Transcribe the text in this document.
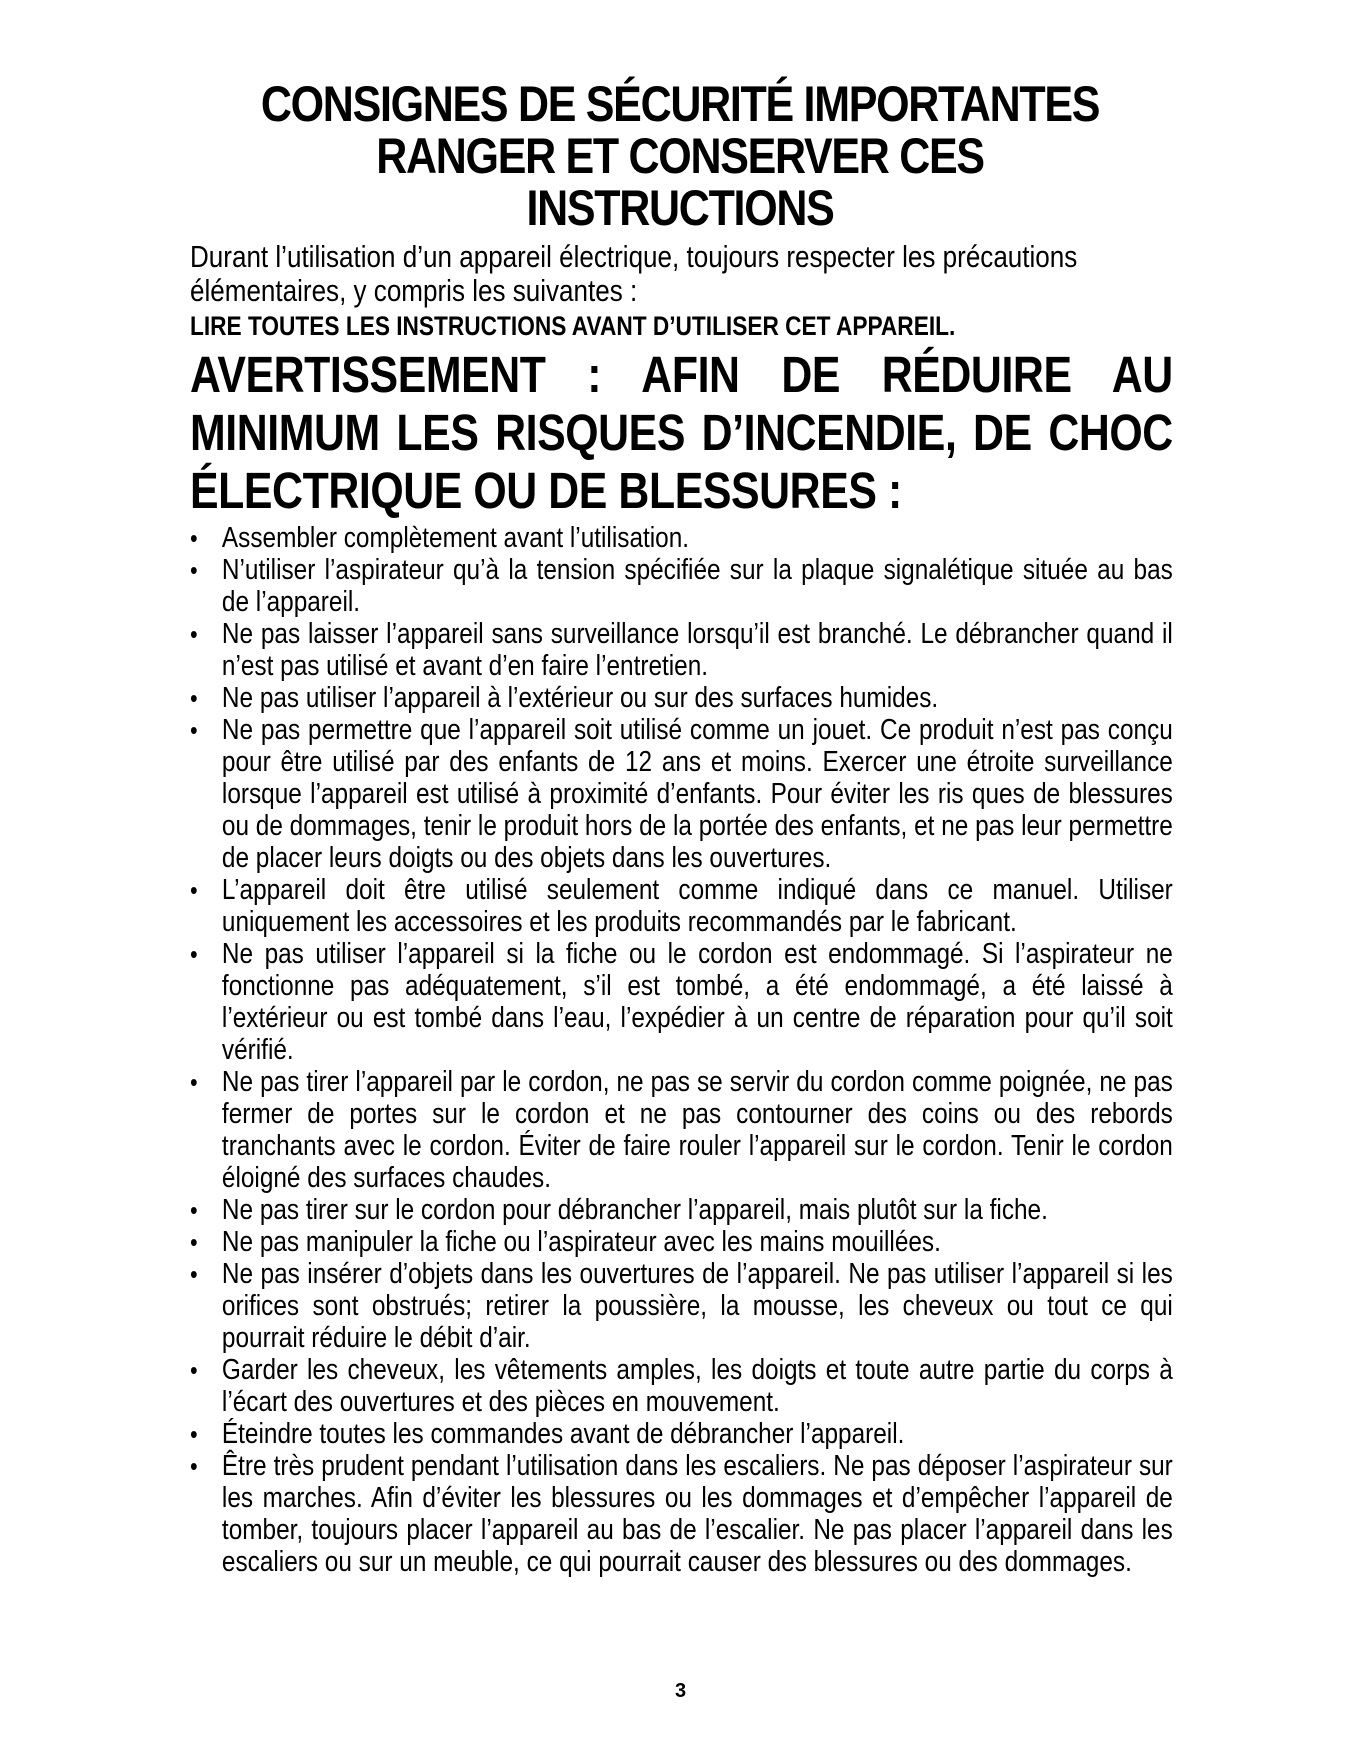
CONSIGNES DE SÉCURITÉ IMPORTANTES
RANGER ET CONSERVER CES
INSTRUCTIONS

Durant l’utilisation d’un appareil électrique, toujours respecter les précautions élémentaires, y compris les suivantes :

LIRE TOUTES LES INSTRUCTIONS AVANT D’UTILISER CET APPAREIL.

AVERTISSEMENT : AFIN DE RÉDUIRE AU MINIMUM LES RISQUES D’INCENDIE, DE CHOC ÉLECTRIQUE OU DE BLESSURES :
• Assembler complètement avant l’utilisation.
• N’utiliser l’aspirateur qu’à la tension spécifiée sur la plaque signalétique située au bas de l’appareil.
• Ne pas laisser l’appareil sans surveillance lorsqu’il est branché. Le débrancher quand il n’est pas utilisé et avant d’en faire l’entretien.
• Ne pas utiliser l’appareil à l’extérieur ou sur des surfaces humides.
• Ne pas permettre que l’appareil soit utilisé comme un jouet. Ce produit n’est pas conçu pour être utilisé par des enfants de 12 ans et moins. Exercer une étroite surveillance lorsque l’appareil est utilisé à proximité d’enfants. Pour éviter les ris ques de blessures ou de dommages, tenir le produit hors de la portée des enfants, et ne pas leur permettre de placer leurs doigts ou des objets dans les ouvertures.
• L’appareil doit être utilisé seulement comme indiqué dans ce manuel. Utiliser uniquement les accessoires et les produits recommandés par le fabricant.
• Ne pas utiliser l’appareil si la fiche ou le cordon est endommagé. Si l’aspirateur ne fonctionne pas adéquatement, s’il est tombé, a été endommagé, a été laissé à l’extérieur ou est tombé dans l’eau, l’expédier à un centre de réparation pour qu’il soit vérifié.
• Ne pas tirer l’appareil par le cordon, ne pas se servir du cordon comme poignée, ne pas fermer de portes sur le cordon et ne pas contourner des coins ou des rebords tranchants avec le cordon. Éviter de faire rouler l’appareil sur le cordon. Tenir le cordon éloigné des surfaces chaudes.
• Ne pas tirer sur le cordon pour débrancher l’appareil, mais plutôt sur la fiche.
• Ne pas manipuler la fiche ou l’aspirateur avec les mains mouillées.
• Ne pas insérer d’objets dans les ouvertures de l’appareil. Ne pas utiliser l’appareil si les orifices sont obstrués; retirer la poussière, la mousse, les cheveux ou tout ce qui pourrait réduire le débit d’air.
• Garder les cheveux, les vêtements amples, les doigts et toute autre partie du corps à l’écart des ouvertures et des pièces en mouvement.
• Éteindre toutes les commandes avant de débrancher l’appareil.
• Être très prudent pendant l’utilisation dans les escaliers. Ne pas déposer l’aspirateur sur les marches. Afin d’éviter les blessures ou les dommages et d’empêcher l’appareil de tomber, toujours placer l’appareil au bas de l’escalier. Ne pas placer l’appareil dans les escaliers ou sur un meuble, ce qui pourrait causer des blessures ou des dommages.
3
